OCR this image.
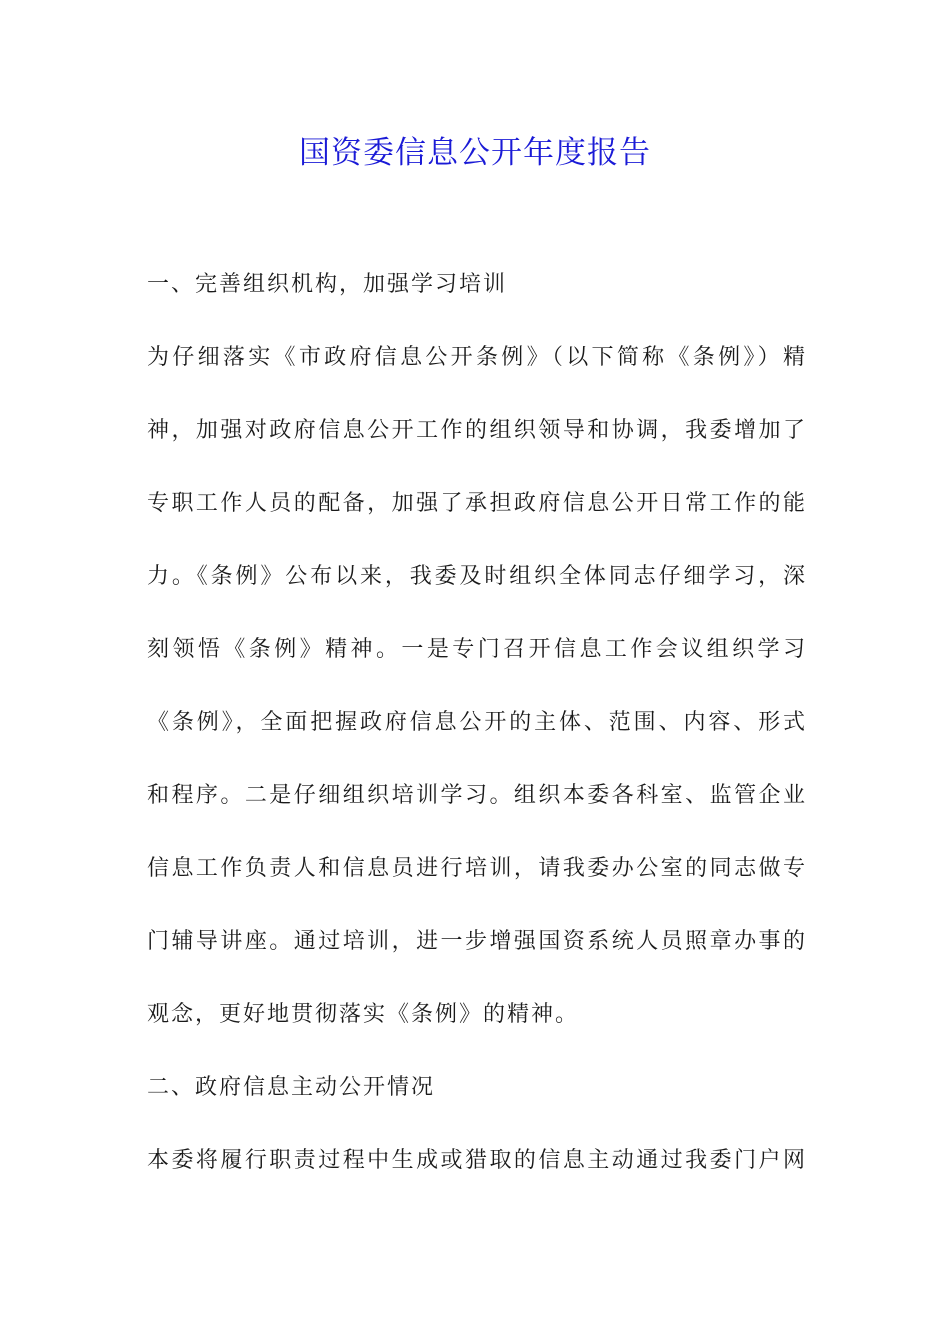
国资委信息公开年度报告
一、完善组织机构，加强学习培训
为仔细落实《市政府信息公开条例》（以下简称《条例》）精
神，加强对政府信息公开工作的组织领导和协调，我委增加了
专职工作人员的配备，加强了承担政府信息公开日常工作的能
力。《条例》公布以来，我委及时组织全体同志仔细学习，深
刻领悟《条例》精神。一是专门召开信息工作会议组织学习
《条例》，全面把握政府信息公开的主体、范围、内容、形式
和程序。二是仔细组织培训学习。组织本委各科室、监管企业
信息工作负责人和信息员进行培训，请我委办公室的同志做专
门辅导讲座。通过培训，进一步增强国资系统人员照章办事的
观念，更好地贯彻落实《条例》的精神。
二、政府信息主动公开情况
本委将履行职责过程中生成或猎取的信息主动通过我委门户网
